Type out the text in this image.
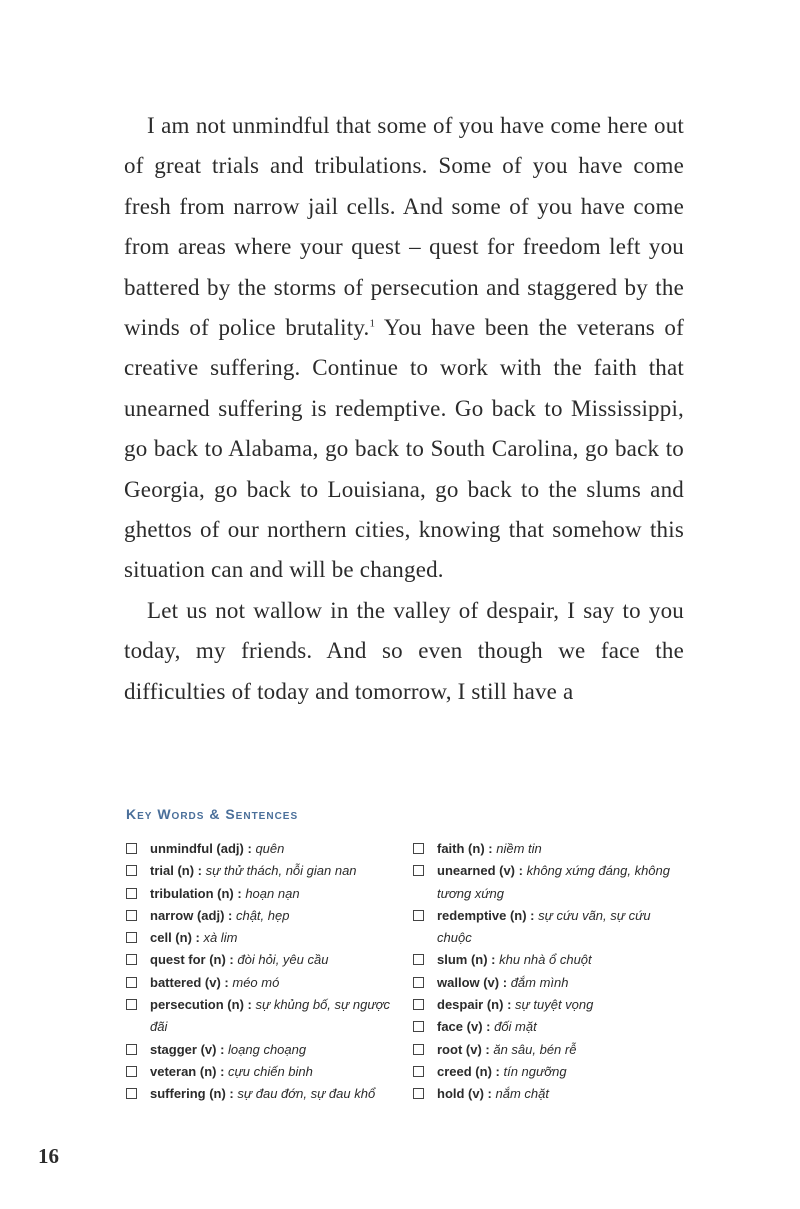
I am not unmindful that some of you have come here out of great trials and tribulations. Some of you have come fresh from narrow jail cells. And some of you have come from areas where your quest – quest for freedom left you battered by the storms of persecution and staggered by the winds of police brutality.$^1$ You have been the veterans of creative suffering. Continue to work with the faith that unearned suffering is redemptive. Go back to Mississippi, go back to Alabama, go back to South Carolina, go back to Georgia, go back to Louisiana, go back to the slums and ghettos of our northern cities, knowing that somehow this situation can and will be changed.

Let us not wallow in the valley of despair, I say to you today, my friends. And so even though we face the difficulties of today and tomorrow, I still have a

Key Words & Sentences
unmindful (adj) : quên
trial (n) : sự thử thách, nỗi gian nan
tribulation (n) : hoạn nạn
narrow (adj) : chật, hẹp
cell (n) : xà lim
quest for (n) : đòi hỏi, yêu cầu
battered (v) : méo mó
persecution (n) : sự khủng bố, sự ngược đãi
stagger (v) : loạng choạng
veteran (n) : cựu chiến binh
suffering (n) : sự đau đớn, sự đau khổ
faith (n) : niềm tin
unearned (v) : không xứng đáng, không tương xứng
redemptive (n) : sự cứu vãn, sự cứu chuộc
slum (n) : khu nhà ổ chuột
wallow (v) : đắm mình
despair (n) : sự tuyệt vọng
face (v) : đối mặt
root (v) : ăn sâu, bén rễ
creed (n) : tín ngưỡng
hold (v) : nắm chặt
16
